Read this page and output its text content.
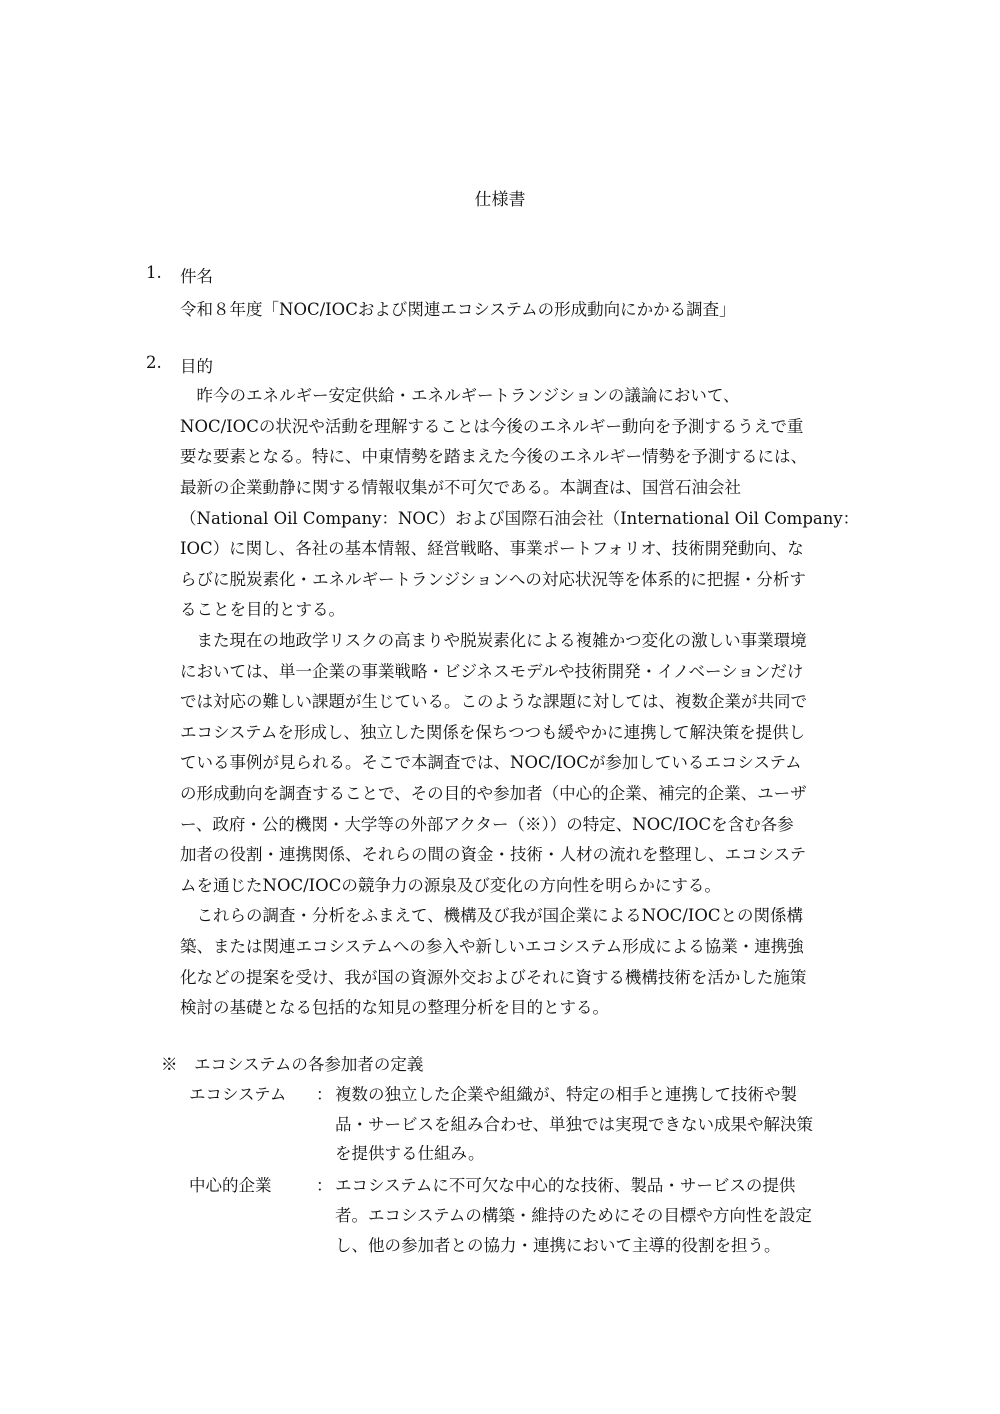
仕様書
1. 件名
令和８年度「NOC/IOCおよび関連エコシステムの形成動向にかかる調査」
2. 目的
　昨今のエネルギー安定供給・エネルギートランジションの議論において、
NOC/IOCの状況や活動を理解することは今後のエネルギー動向を予測するうえで重
要な要素となる。特に、中東情勢を踏まえた今後のエネルギー情勢を予測するには、
最新の企業動静に関する情報収集が不可欠である。本調査は、国営石油会社
（National Oil Company：NOC）および国際石油会社（International Oil Company：
IOC）に関し、各社の基本情報、経営戦略、事業ポートフォリオ、技術開発動向、な
らびに脱炭素化・エネルギートランジションへの対応状況等を体系的に把握・分析す
ることを目的とする。
　また現在の地政学リスクの高まりや脱炭素化による複雑かつ変化の激しい事業環境
においては、単一企業の事業戦略・ビジネスモデルや技術開発・イノベーションだけ
では対応の難しい課題が生じている。このような課題に対しては、複数企業が共同で
エコシステムを形成し、独立した関係を保ちつつも緩やかに連携して解決策を提供し
ている事例が見られる。そこで本調査では、NOC/IOCが参加しているエコシステム
の形成動向を調査することで、その目的や参加者（中心的企業、補完的企業、ユーザ
ー、政府・公的機関・大学等の外部アクター（※））の特定、NOC/IOCを含む各参
加者の役割・連携関係、それらの間の資金・技術・人材の流れを整理し、エコシステ
ムを通じたNOC/IOCの競争力の源泉及び変化の方向性を明らかにする。
　これらの調査・分析をふまえて、機構及び我が国企業によるNOC/IOCとの関係構
築、または関連エコシステムへの参入や新しいエコシステム形成による協業・連携強
化などの提案を受け、我が国の資源外交およびそれに資する機構技術を活かした施策
検討の基礎となる包括的な知見の整理分析を目的とする。
※　エコシステムの各参加者の定義
エコシステム ： 複数の独立した企業や組織が、特定の相手と連携して技術や製
品・サービスを組み合わせ、単独では実現できない成果や解決策
を提供する仕組み。
中心的企業	： エコシステムに不可欠な中心的な技術、製品・サービスの提供
者。エコシステムの構築・維持のためにその目標や方向性を設定
し、他の参加者との協力・連携において主導的役割を担う。
